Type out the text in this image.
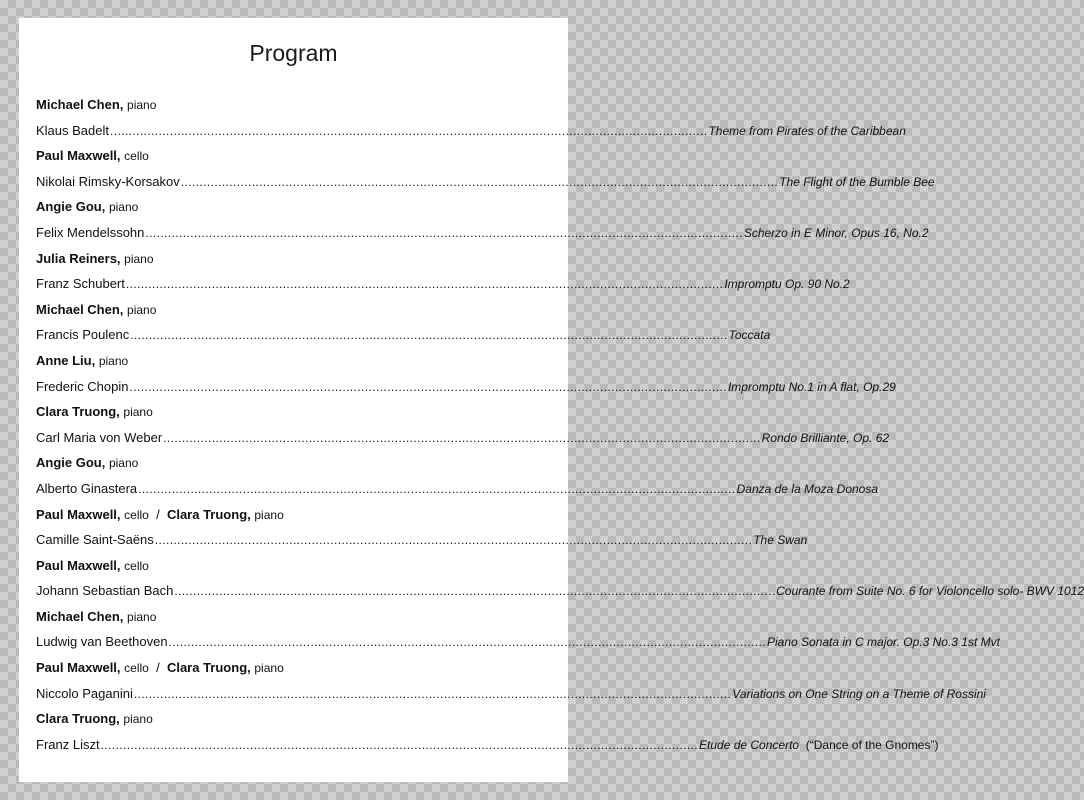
Program
Michael Chen, piano
Klaus Badelt ................................................................................................................................................................ Theme from Pirates of the Caribbean
Paul Maxwell, cello
Nikolai Rimsky-Korsakov ................................................................................................................................................................ The Flight of the Bumble Bee
Angie Gou, piano
Felix Mendelssohn ................................................................................................................................................................ Scherzo in E Minor, Opus 16, No.2
Julia Reiners, piano
Franz Schubert ................................................................................................................................................................ Impromptu Op. 90 No.2
Michael Chen, piano
Francis Poulenc ................................................................................................................................................................ Toccata
Anne Liu, piano
Frederic Chopin ................................................................................................................................................................ Impromptu No.1 in A flat, Op.29
Clara Truong, piano
Carl Maria von Weber ................................................................................................................................................................ Rondo Brilliante, Op. 62
Angie Gou, piano
Alberto Ginastera ................................................................................................................................................................ Danza de la Moza Donosa
Paul Maxwell, cello / Clara Truong, piano
Camille Saint-Saëns ................................................................................................................................................................ The Swan
Paul Maxwell, cello
Johann Sebastian Bach ................................................................................................................................................................ .Courante from Suite No. 6 for Violoncello solo- BWV 1012
Michael Chen, piano
Ludwig van Beethoven ................................................................................................................................................................ Piano Sonata in C major. Op.3 No.3 1st Mvt
Paul Maxwell, cello / Clara Truong, piano
Niccolo Paganini ................................................................................................................................................................ Variations on One String on a Theme of Rossini
Clara Truong, piano
Franz Liszt ................................................................................................................................................................ Etude de Concerto  (“Dance of the Gnomes”)
